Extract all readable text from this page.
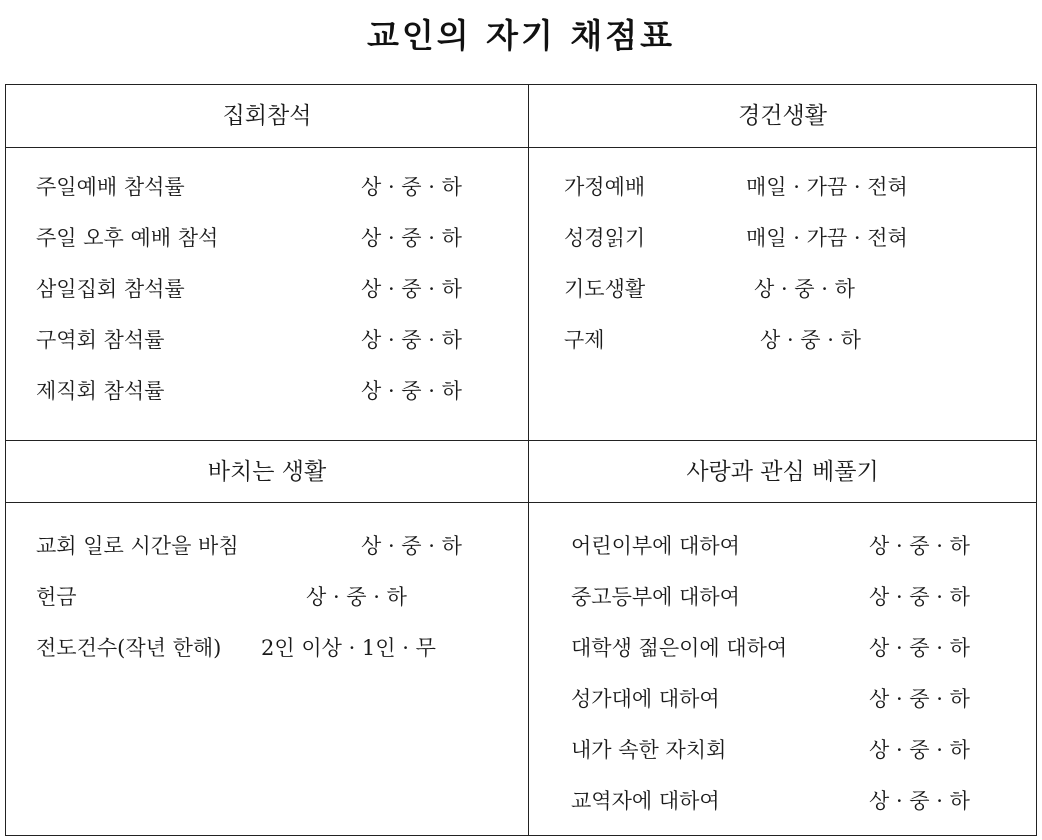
교인의 자기 채점표
집회참석	경건생활
바치는 생활	사랑과 관심 베풀기
주일예배 참석률	상 · 중 · 하
주일 오후 예배 참석	상 · 중 · 하
삼일집회 참석률	상 · 중 · 하
구역회 참석률	상 · 중 · 하
제직회 참석률	상 · 중 · 하
가정예배	매일 · 가끔 · 전혀
성경읽기	매일 · 가끔 · 전혀
기도생활	상 · 중 · 하
구제	상 · 중 · 하
교회 일로 시간을 바침	상 · 중 · 하
헌금	상 · 중 · 하
전도건수(작년 한해) 2인 이상 · 1인 · 무
어린이부에 대하여	상 · 중 · 하
중고등부에 대하여	상 · 중 · 하
대학생 젊은이에 대하여	상 · 중 · 하
성가대에 대하여	상 · 중 · 하
내가 속한 자치회	상 · 중 · 하
교역자에 대하여	상 · 중 · 하
